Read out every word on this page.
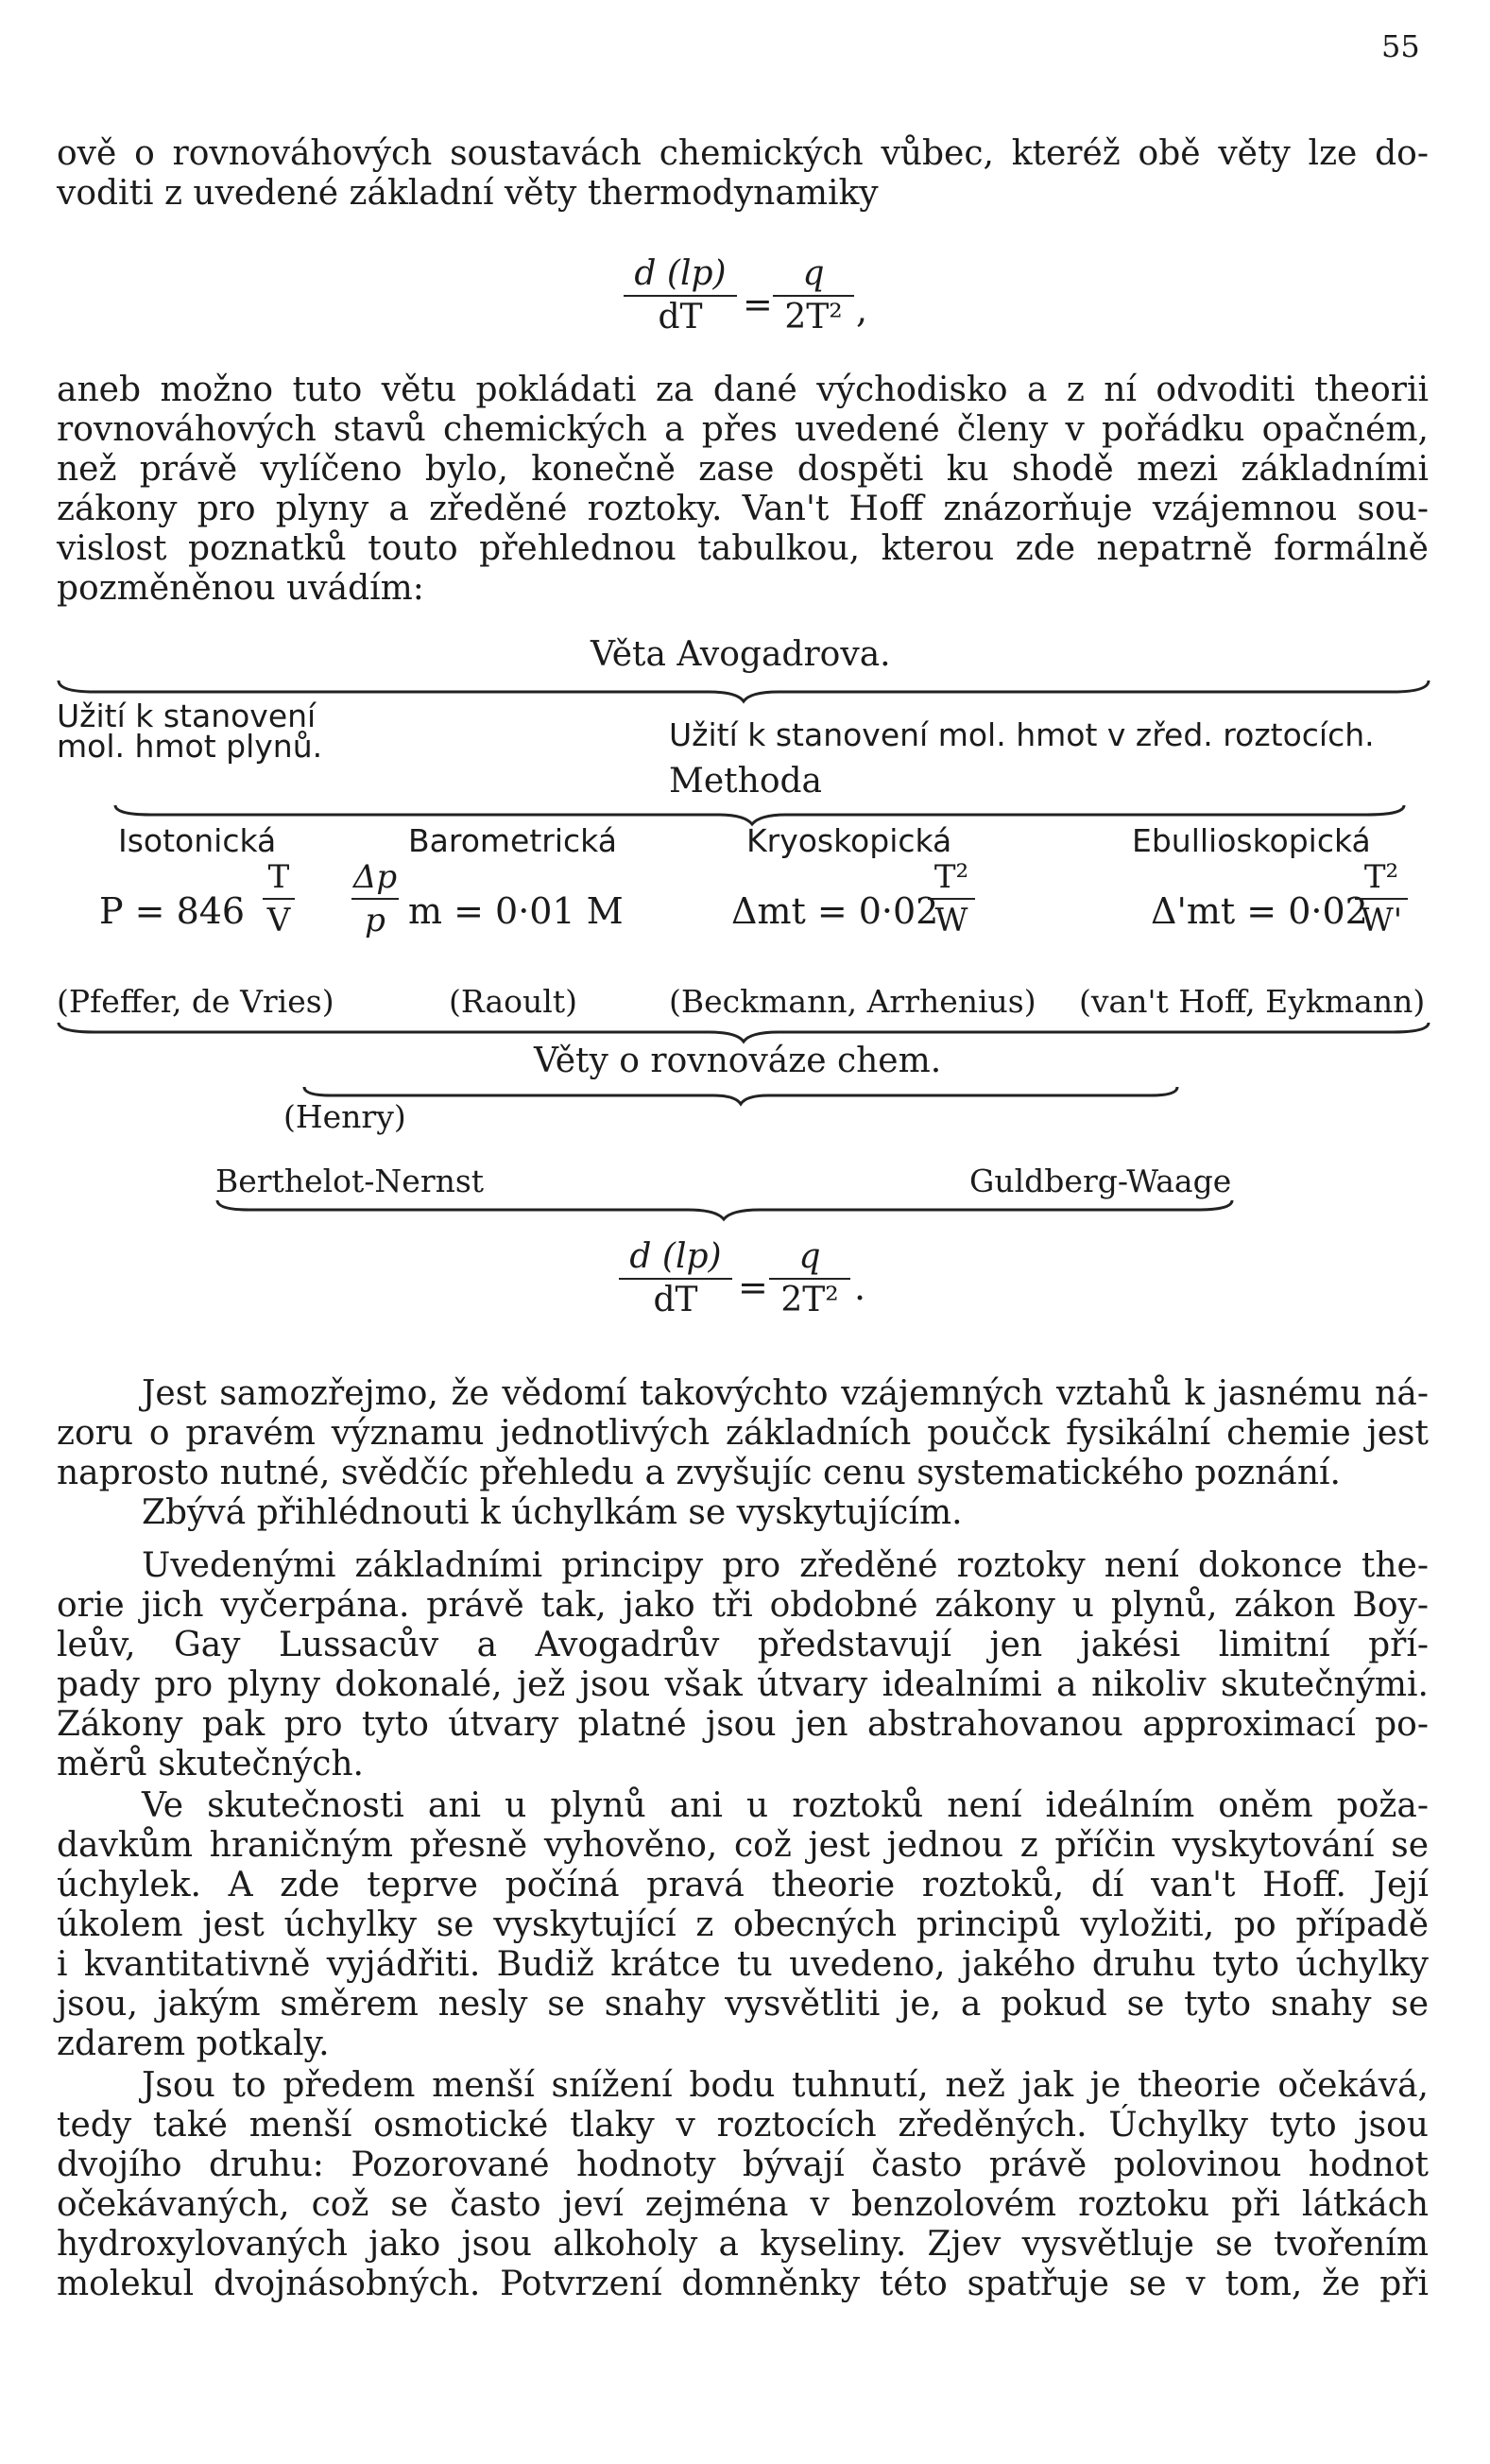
55
ově o rovnováhových soustavách chemických vůbec, kteréž obě věty lze do-
voditi z uvedené základní věty thermodynamiky
d (lp)
dT	=
q
2T² ,
aneb možno tuto větu pokládati za dané východisko a z ní odvoditi theorii
rovnováhových stavů chemických a přes uvedené členy v pořádku opačném,
než právě vylíčeno bylo, konečně zase dospěti ku shodě mezi základními
zákony pro plyny a zředěné roztoky. Van't Hoff znázorňuje vzájemnou sou-
vislost poznatků touto přehlednou tabulkou, kterou zde nepatrně formálně
pozměněnou uvádím:
Věta Avogadrova.
Užití k stanovení
mol. hmot plynů.	Užití k stanovení mol. hmot v zřed. roztocích.
Methoda
Isotonická	Barometrická	Kryoskopická	Ebullioskopická
P = 846
T
V
Δp
p m = 0·01 M	Δmt = 0·02
T²
W	Δ'mt = 0·02
T²
W'
(Pfeffer, de Vries)	(Raoult)	(Beckmann, Arrhenius) (van't Hoff, Eykmann)
Věty o rovnováze chem.
(Henry)
Berthelot-Nernst	Guldberg-Waage
d (lp)
dT	=
q
2T² .
Jest samozřejmo, že vědomí takovýchto vzájemných vztahů k jasnému ná-
zoru o pravém významu jednotlivých základních poučck fysikální chemie jest
naprosto nutné, svědčíc přehledu a zvyšujíc cenu systematického poznání.
Zbývá přihlédnouti k úchylkám se vyskytujícím.
Uvedenými základními principy pro zředěné roztoky není dokonce the-
orie jich vyčerpána. právě tak, jako tři obdobné zákony u plynů, zákon Boy-
leův, Gay Lussacův a Avogadrův představují jen jakési limitní pří-
pady pro plyny dokonalé, jež jsou však útvary idealními a nikoliv skutečnými.
Zákony pak pro tyto útvary platné jsou jen abstrahovanou approximací po-
měrů skutečných.
Ve skutečnosti ani u plynů ani u roztoků není ideálním oněm poža-
davkům hraničným přesně vyhověno, což jest jednou z příčin vyskytování se
úchylek. A zde teprve počíná pravá theorie roztoků, dí van't Hoff. Její
úkolem jest úchylky se vyskytující z obecných principů vyložiti, po případě
i kvantitativně vyjádřiti. Budiž krátce tu uvedeno, jakého druhu tyto úchylky
jsou, jakým směrem nesly se snahy vysvětliti je, a pokud se tyto snahy se
zdarem potkaly.
Jsou to předem menší snížení bodu tuhnutí, než jak je theorie očekává,
tedy také menší osmotické tlaky v roztocích zředěných. Úchylky tyto jsou
dvojího druhu: Pozorované hodnoty bývají často právě polovinou hodnot
očekávaných, což se často jeví zejména v benzolovém roztoku při látkách
hydroxylovaných jako jsou alkoholy a kyseliny. Zjev vysvětluje se tvořením
molekul dvojnásobných. Potvrzení domněnky této spatřuje se v tom, že při
